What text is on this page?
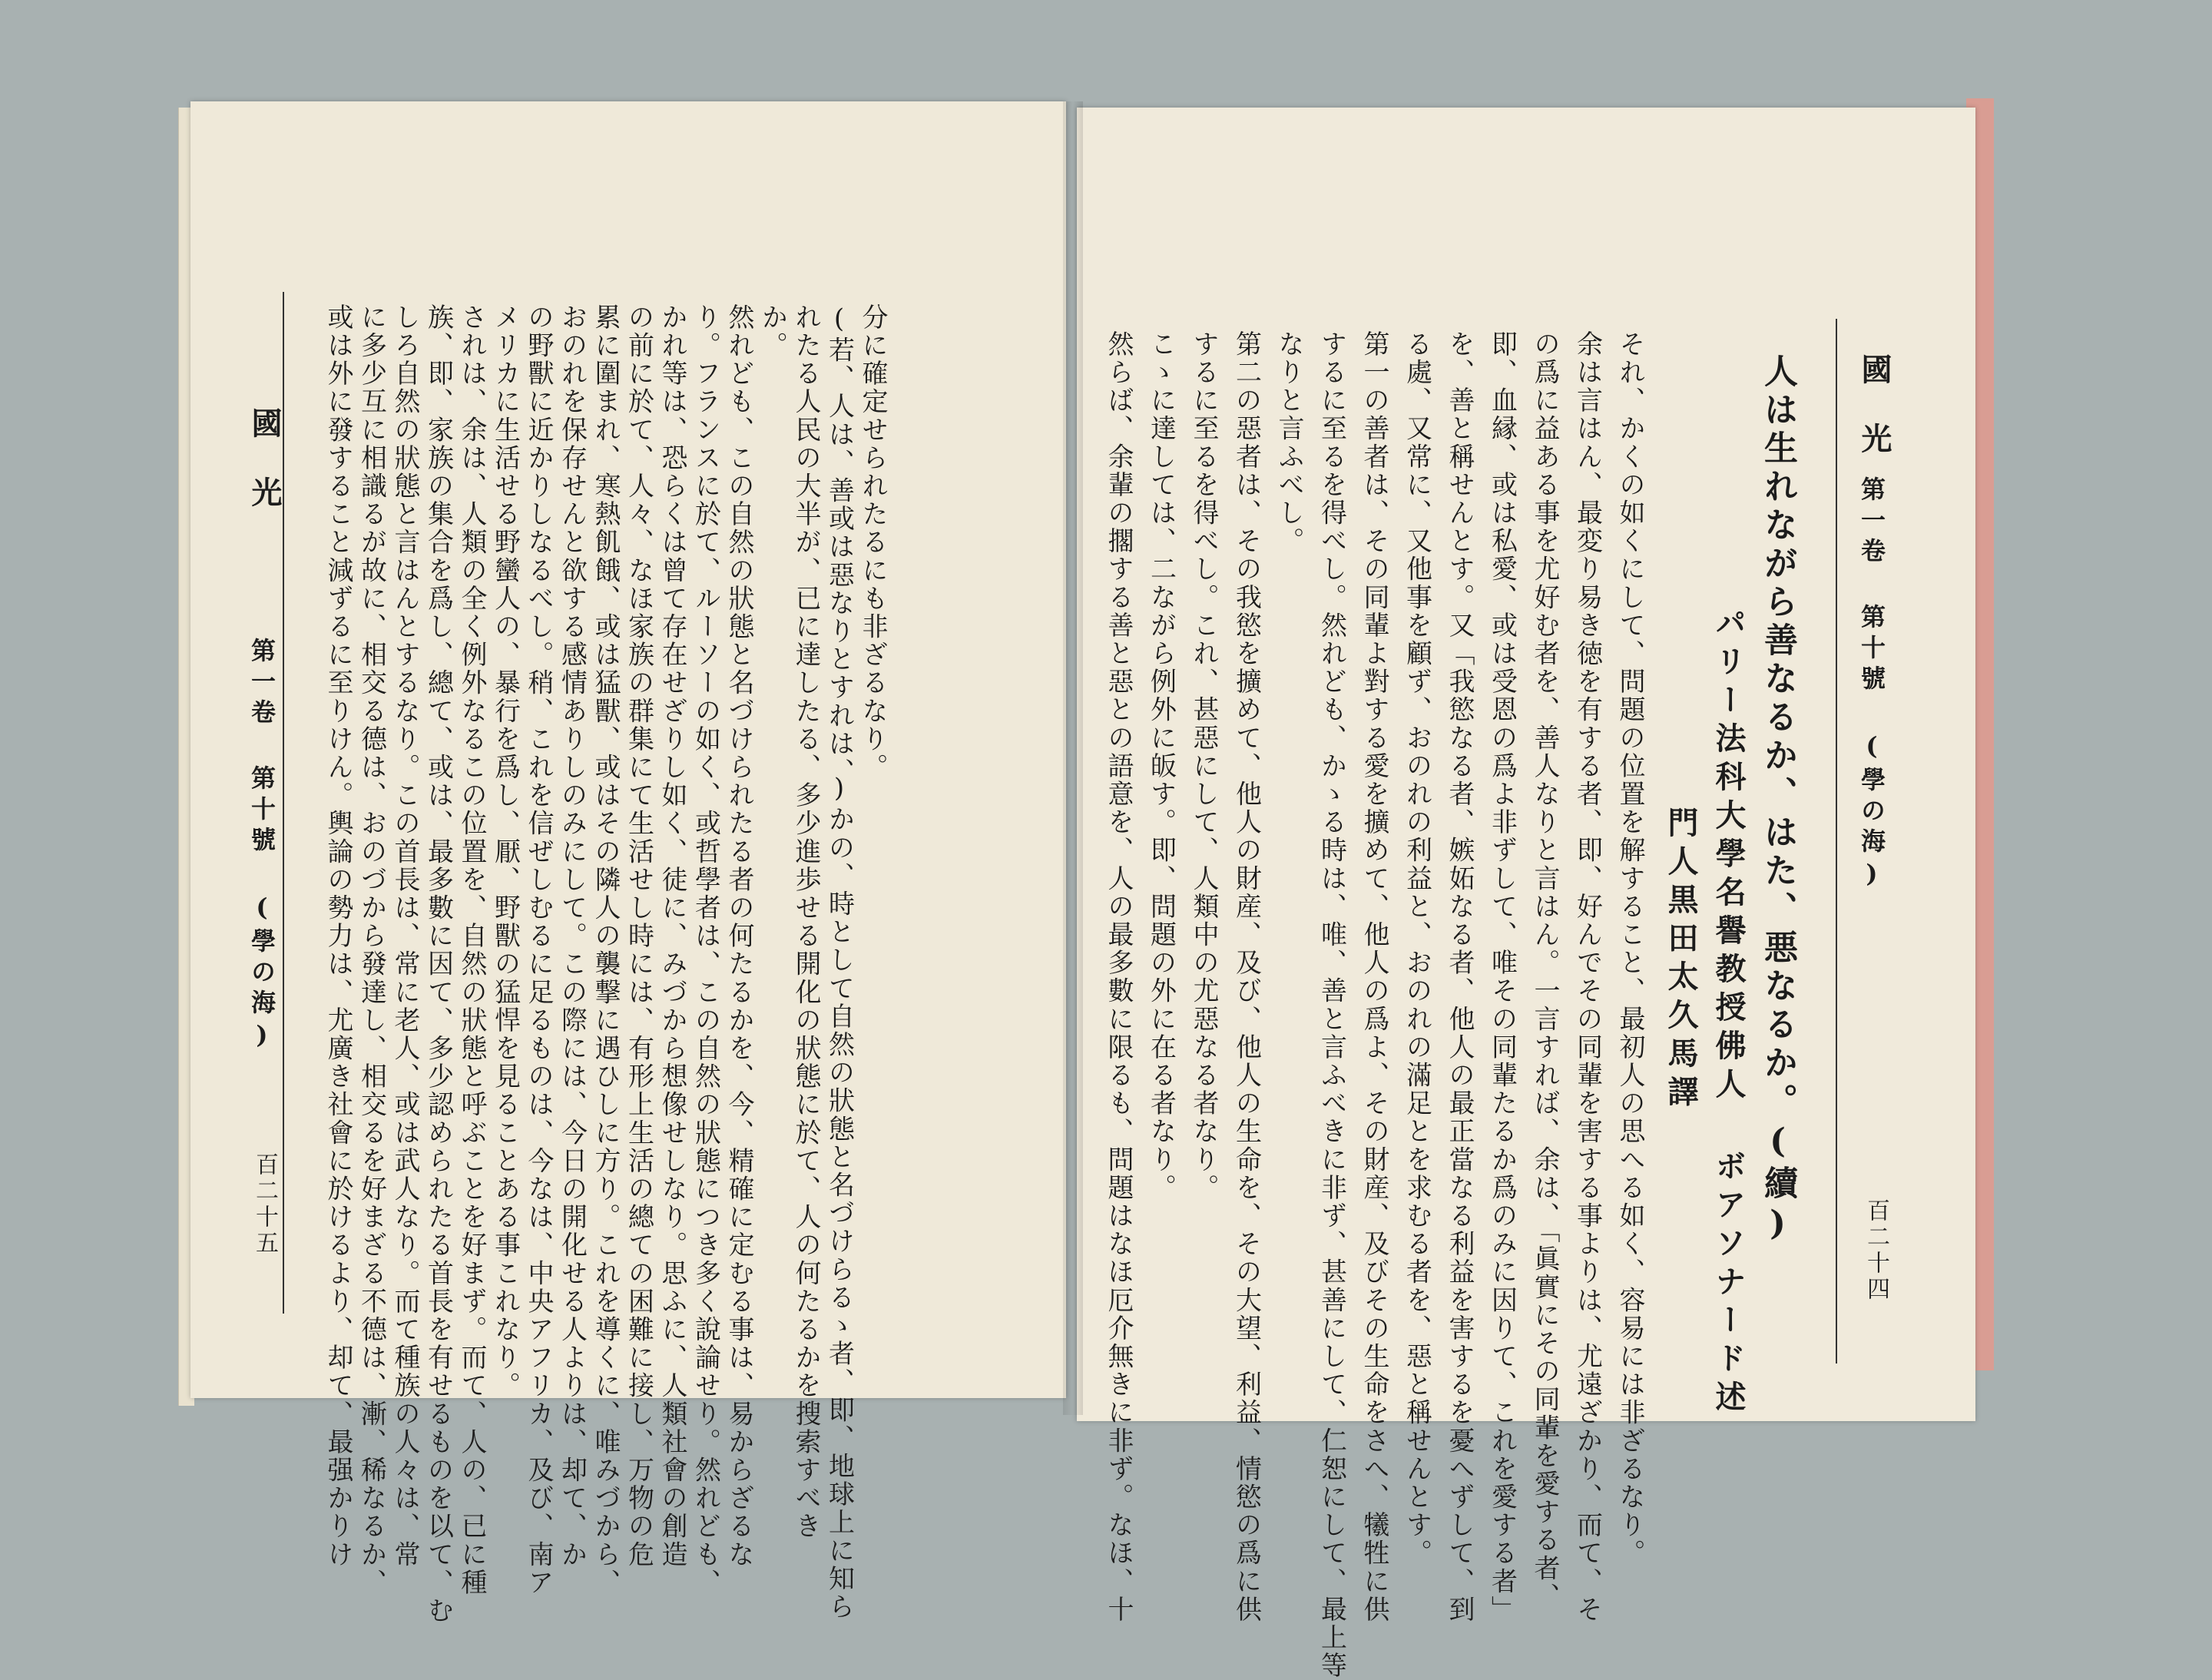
國光
第一卷 第十號 (學の海)
百二十四
人は生れながら善なるか、はた、悪なるか。(續)
パリー法科大學名譽教授佛人 ボアソナード述
門人黒田太久馬譯
それ、かくの如くにして、問題の位置を解すること、最初人の思へる如く、容易には非ざるなり。
余は言はん、最変り易き徳を有する者、即、好んでその同輩を害する事よりは、尤遠ざかり、而て、そ
の爲に益ある事を尤好む者を、善人なりと言はん。一言すれば、余は、「眞實にその同輩を愛する者、
即、血縁、或は私愛、或は受恩の爲よ非ずして、唯その同輩たるか爲のみに因りて、これを愛する者」
を、善と稱せんとす。又「我慾なる者、嫉妬なる者、他人の最正當なる利益を害するを憂へずして、到
る處、又常に、又他事を顧ず、おのれの利益と、おのれの滿足とを求むる者を、惡と稱せんとす。
第一の善者は、その同輩よ對する愛を擴めて、他人の爲よ、その財産、及びその生命をさへ、犧牲に供
するに至るを得べし。然れども、かゝる時は、唯、善と言ふべきに非ず、甚善にして、仁恕にして、最上等
なりと言ふべし。
第二の惡者は、その我慾を擴めて、他人の財産、及び、他人の生命を、その大望、利益、情慾の爲に供
するに至るを得べし。これ、甚惡にして、人類中の尤惡なる者なり。
こゝに達しては、二ながら例外に皈す。即、問題の外に在る者なり。
然らば、余輩の擱する善と惡との語意を、人の最多數に限るも、問題はなほ厄介無きに非ず。なほ、十
國光
第一卷 第十號 (學の海)
百二十五
分に確定せられたるにも非ざるなり。
(若、人は、善或は惡なりとすれは、)かの、時として自然の狀態と名づけらるゝ者、即、地球上に知ら
れたる人民の大半が、已に達したる、多少進歩せる開化の狀態に於て、人の何たるかを搜索すべき
か。
然れども、この自然の狀態と名づけられたる者の何たるかを、今、精確に定むる事は、易からざるな
り。フランスに於て、ルーソーの如く、或哲學者は、この自然の狀態につき多く說論せり。然れども、
かれ等は、恐らくは曾て存在せざりし如く、徒に、みづから想像せしなり。思ふに、人類社會の創造
の前に於て、人々、なほ家族の群集にて生活せし時には、有形上生活の總ての困難に接し、万物の危
累に圍まれ、寒熱飢餓、或は猛獸、或はその隣人の襲撃に遇ひしに方り。これを導くに、唯みづから、
おのれを保存せんと欲する感情ありしのみにして。この際には、今日の開化せる人よりは、却て、か
の野獸に近かりしなるべし。稍、これを信ぜしむるに足るものは、今なは、中央アフリカ、及び、南ア
メリカに生活せる野蠻人の、暴行を爲し、厭、野獸の猛悍を見ることある事これなり。
されは、余は、人類の全く例外なるこの位置を、自然の狀態と呼ぶことを好まず。而て、人の、已に種
族、即、家族の集合を爲し、總て、或は、最多數に因て、多少認められたる首長を有せるものを以て、む
しろ自然の狀態と言はんとするなり。この首長は、常に老人、或は武人なり。而て種族の人々は、常
に多少互に相識るが故に、相交る德は、おのづから發達し、相交るを好まざる不德は、漸、稀なるか、
或は外に發すること減ずるに至りけん。輿論の勢力は、尤廣き社會に於けるより、却て、最强かりけ
